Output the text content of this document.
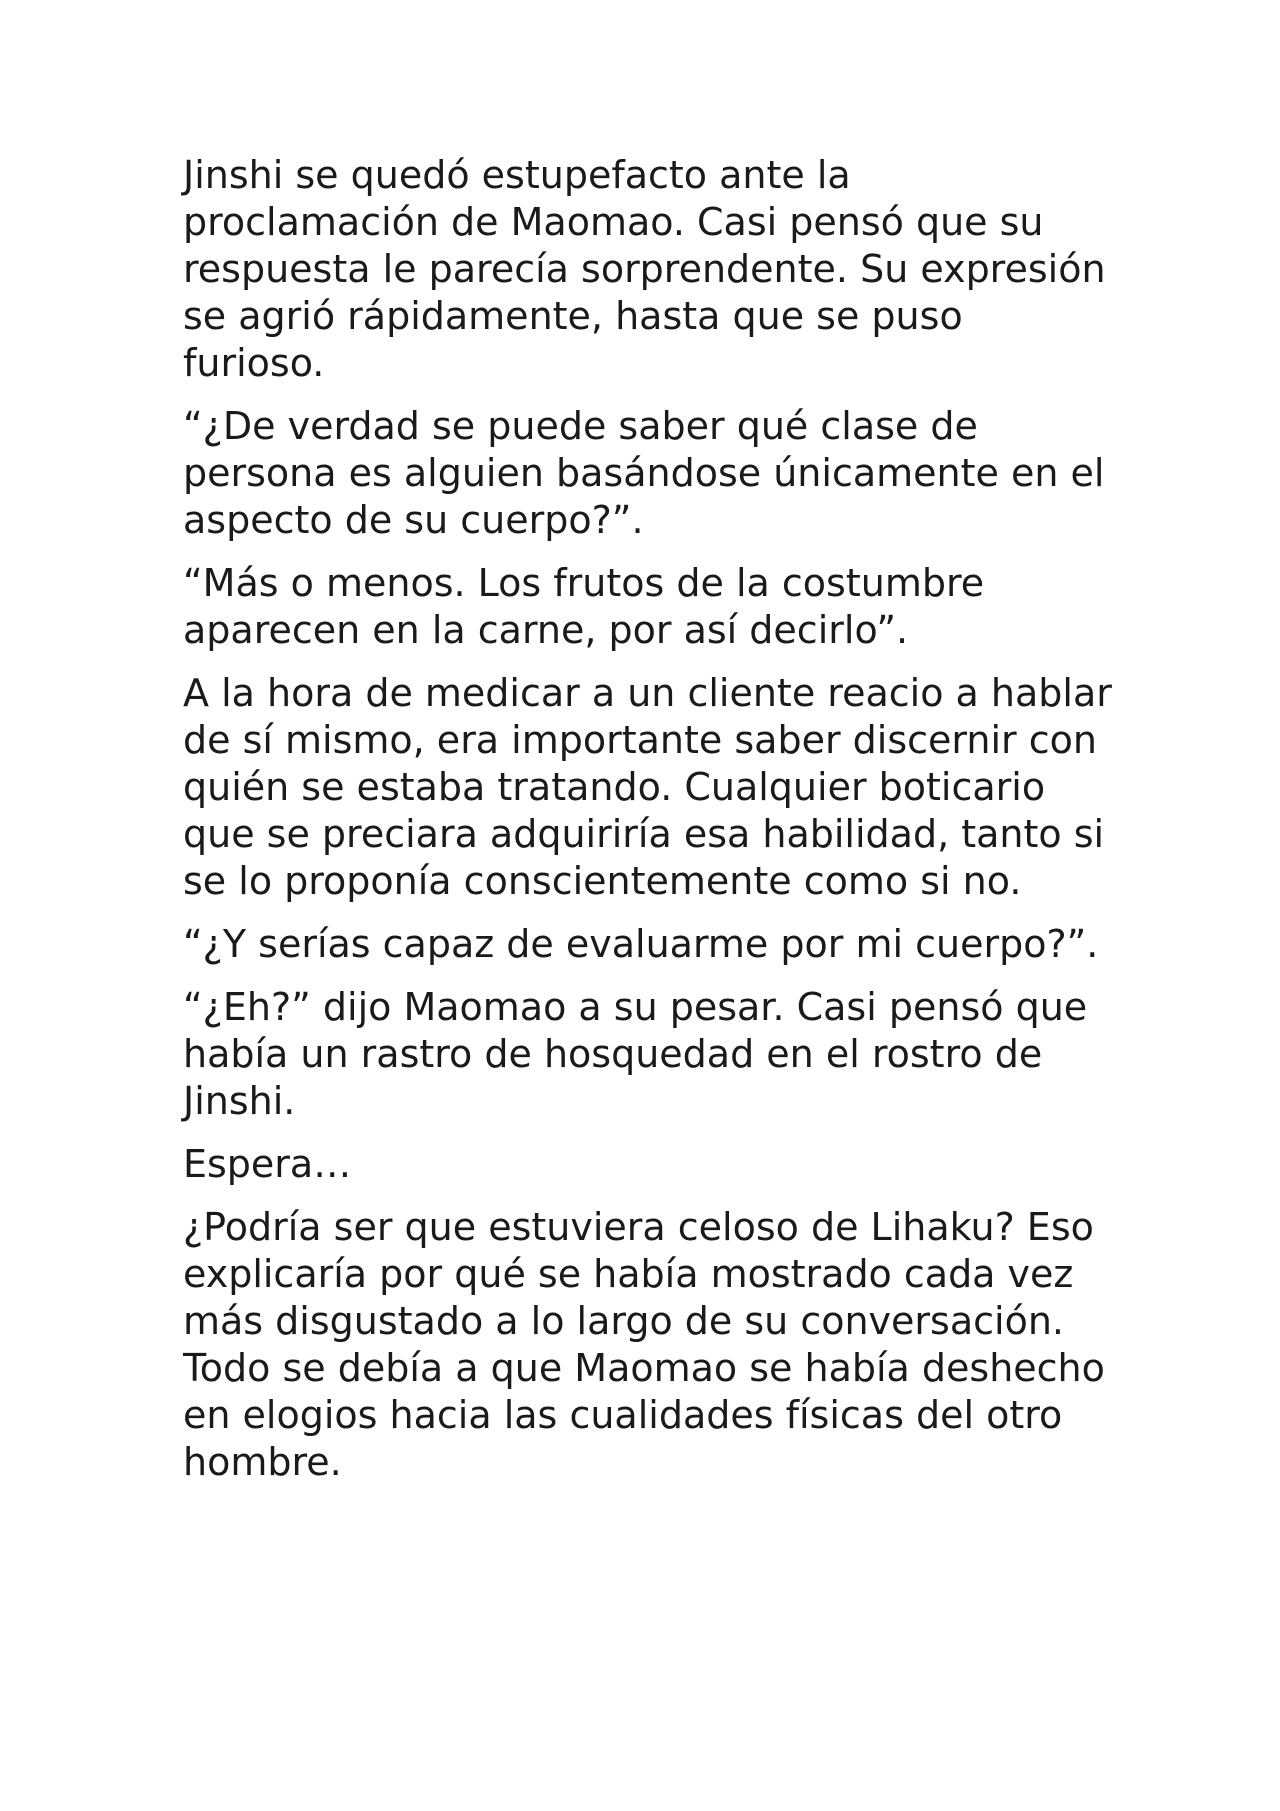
Jinshi se quedó estupefacto ante la proclamación de Maomao. Casi pensó que su respuesta le parecía sorprendente. Su expresión se agrió rápidamente, hasta que se puso furioso.

“¿De verdad se puede saber qué clase de persona es alguien basándose únicamente en el aspecto de su cuerpo?”.

“Más o menos. Los frutos de la costumbre aparecen en la carne, por así decirlo”.

A la hora de medicar a un cliente reacio a hablar de sí mismo, era importante saber discernir con quién se estaba tratando. Cualquier boticario que se preciara adquiriría esa habilidad, tanto si se lo proponía conscientemente como si no.

“¿Y serías capaz de evaluarme por mi cuerpo?”.

“¿Eh?” dijo Maomao a su pesar. Casi pensó que había un rastro de hosquedad en el rostro de Jinshi.

Espera…

¿Podría ser que estuviera celoso de Lihaku? Eso explicaría por qué se había mostrado cada vez más disgustado a lo largo de su conversación. Todo se debía a que Maomao se había deshecho en elogios hacia las cualidades físicas del otro hombre.
